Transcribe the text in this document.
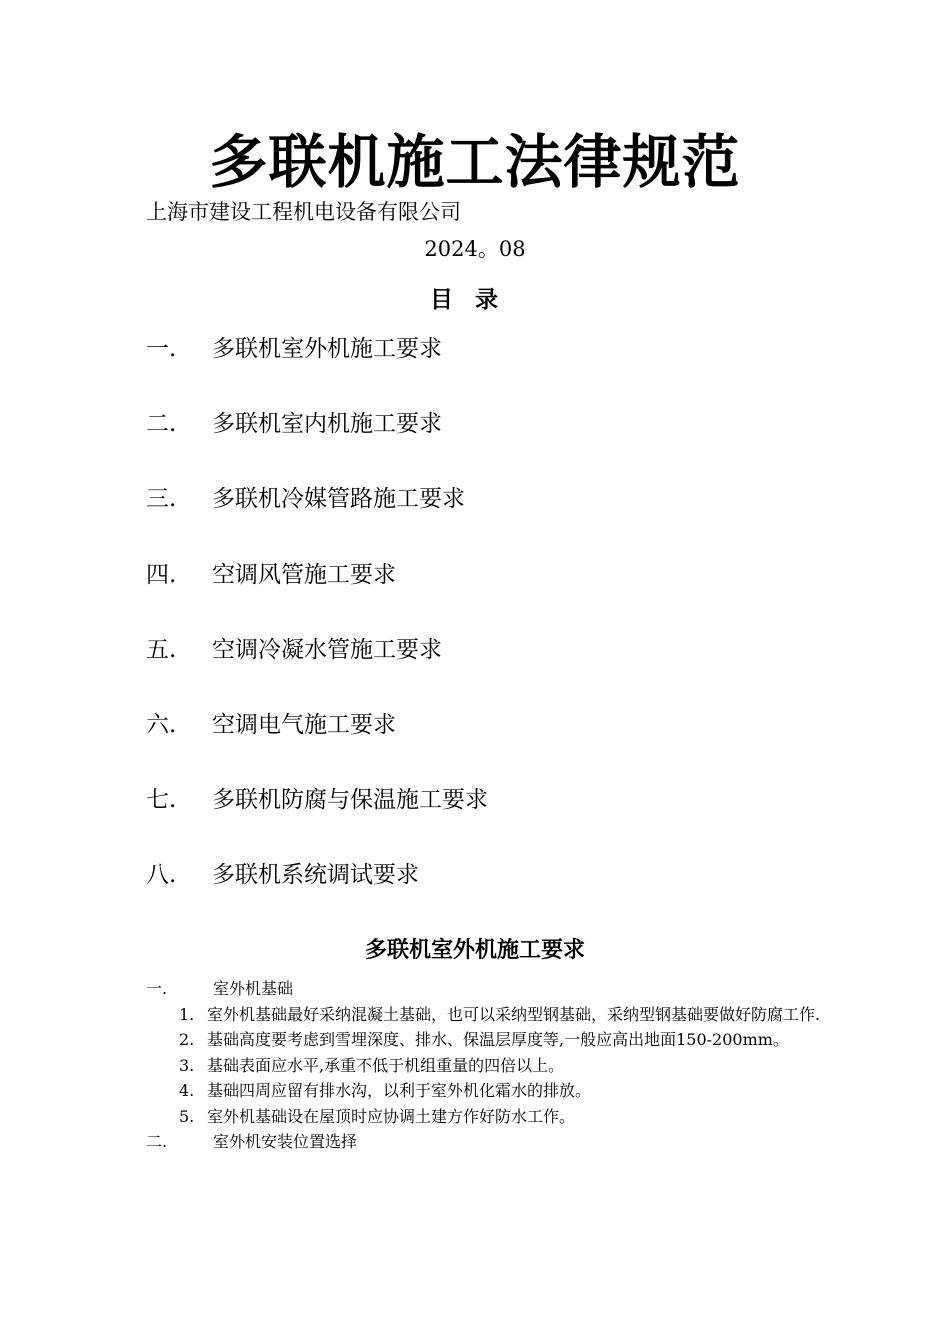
多联机施工法律规范
上海市建设工程机电设备有限公司
2024。08
目录
一.	多联机室外机施工要求
二.	多联机室内机施工要求
三.	多联机冷媒管路施工要求
四.	空调风管施工要求
五.	空调冷凝水管施工要求
六.	空调电气施工要求
七.	多联机防腐与保温施工要求
八.	多联机系统调试要求
多联机室外机施工要求
一.	室外机基础
1. 室外机基础最好采纳混凝土基础，也可以采纳型钢基础，采纳型钢基础要做好防腐工作.
2. 基础高度要考虑到雪埋深度、排水、保温层厚度等,一般应高出地面150-200mm。
3. 基础表面应水平,承重不低于机组重量的四倍以上。
4. 基础四周应留有排水沟，以利于室外机化霜水的排放。
5. 室外机基础设在屋顶时应协调土建方作好防水工作。
二.	室外机安装位置选择
